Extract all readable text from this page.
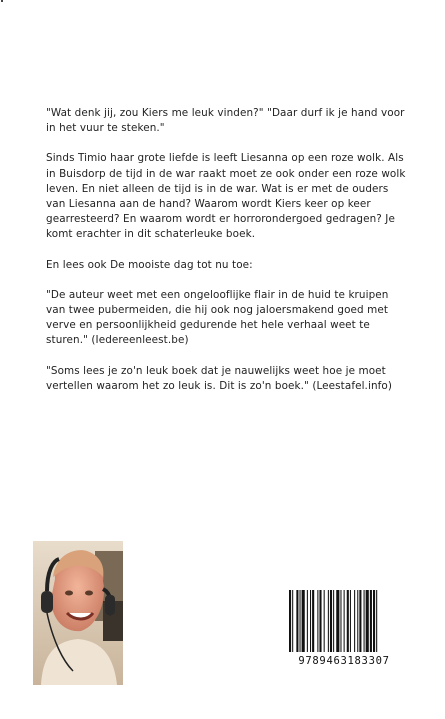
"Wat denk jij, zou Kiers me leuk vinden?" "Daar durf ik je hand voor in het vuur te steken."

Sinds Timio haar grote liefde is leeft Liesanna op een roze wolk. Als in Buisdorp de tijd in de war raakt moet ze ook onder een roze wolk leven. En niet alleen de tijd is in de war. Wat is er met de ouders van Liesanna aan de hand? Waarom wordt Kiers keer op keer gearresteerd? En waarom wordt er horrorondergoed gedragen? Je komt erachter in dit schaterleuke boek.

En lees ook De mooiste dag tot nu toe:

"De auteur weet met een ongelooflijke flair in de huid te kruipen van twee pubermeiden, die hij ook nog jaloersmakend goed met verve en persoonlijkheid gedurende het hele verhaal weet te sturen." (Iedereenleest.be)

"Soms lees je zo'n leuk boek dat je nauwelijks weet hoe je moet vertellen waarom het zo leuk is. Dit is zo'n boek." (Leestafel.info)

9789463183307
